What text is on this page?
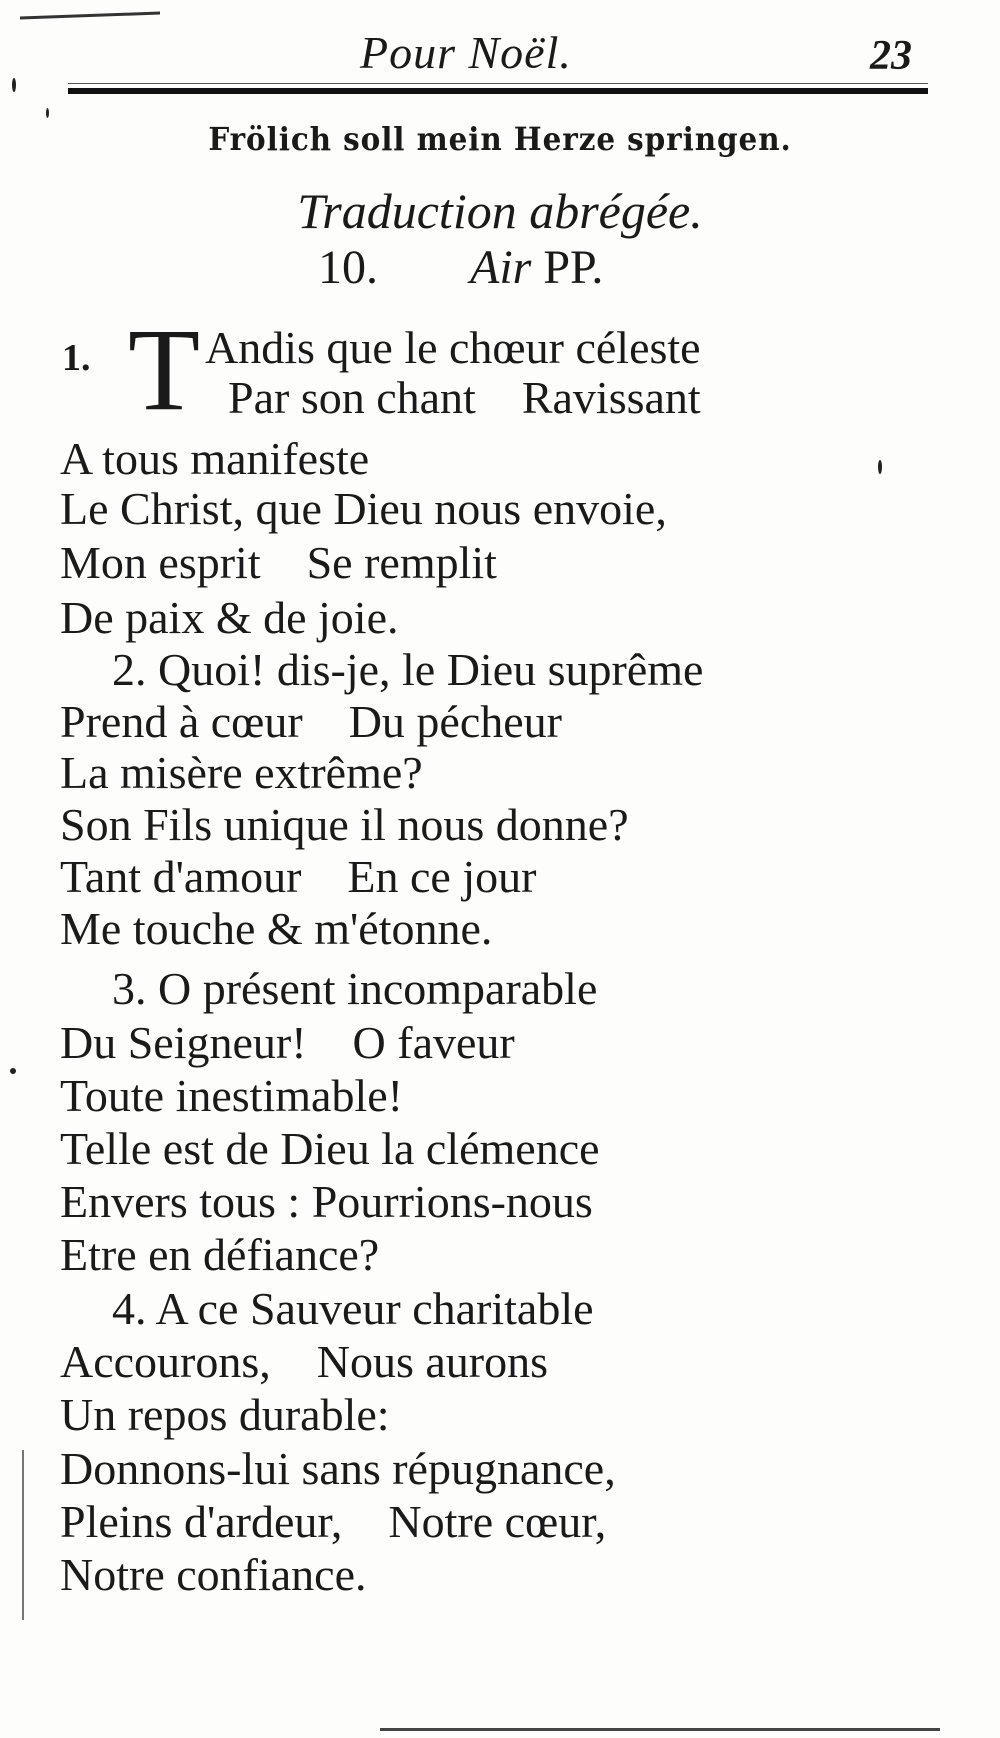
Pour Noël.	23
Frölich soll mein Herze springen.
Traduction abrégée.
10. Air PP.
1. T Andis que le chœur céleste
Par son chant    Ravissant
A tous manifeste
Le Christ, que Dieu nous envoie,
Mon esprit    Se remplit
De paix & de joie.
2. Quoi! dis-je, le Dieu suprême
Prend à cœur    Du pécheur
La misère extrême?
Son Fils unique il nous donne?
Tant d'amour    En ce jour
Me touche & m'étonne.
3. O présent incomparable
Du Seigneur!    O faveur
Toute inestimable!
Telle est de Dieu la clémence
Envers tous : Pourrions-nous
Etre en défiance?
4. A ce Sauveur charitable
Accourons,    Nous aurons
Un repos durable:
Donnons-lui sans répugnance,
Pleins d'ardeur,    Notre cœur,
Notre confiance.
